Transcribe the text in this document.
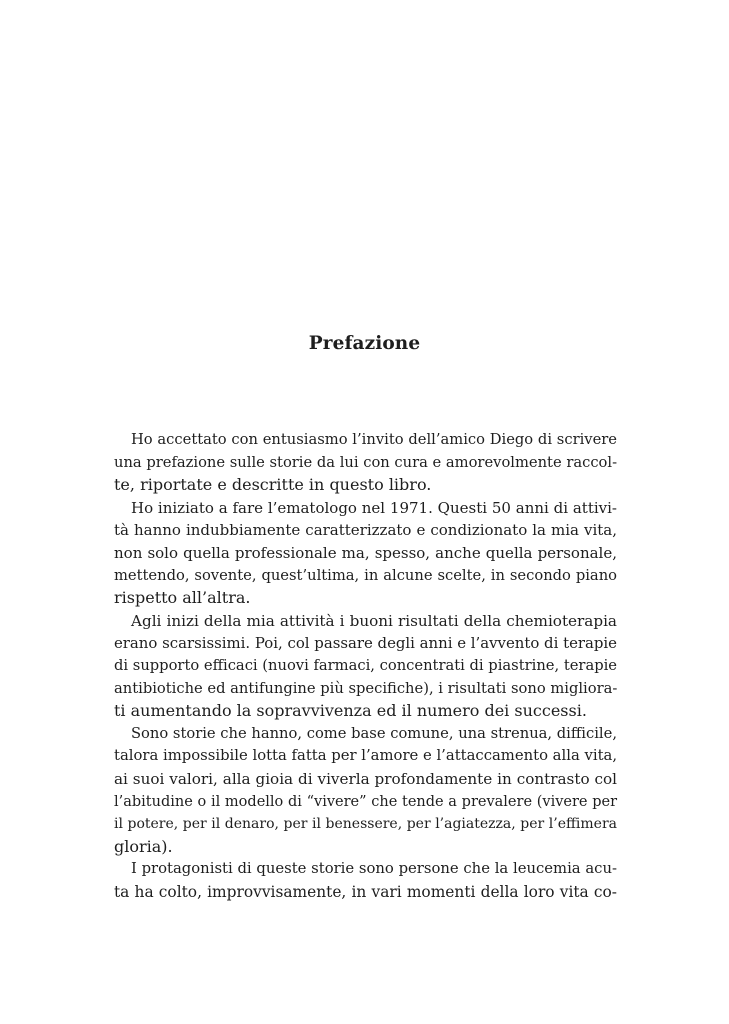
Prefazione
Ho accettato con entusiasmo l’invito dell’amico Diego di scrivere
una prefazione sulle storie da lui con cura e amorevolmente raccol-
te, riportate e descritte in questo libro.
Ho iniziato a fare l’ematologo nel 1971. Questi 50 anni di attivi-
tà hanno indubbiamente caratterizzato e condizionato la mia vita,
non solo quella professionale ma, spesso, anche quella personale,
mettendo, sovente, quest’ultima, in alcune scelte, in secondo piano
rispetto all’altra.
Agli inizi della mia attività i buoni risultati della chemioterapia
erano scarsissimi. Poi, col passare degli anni e l’avvento di terapie
di supporto efficaci (nuovi farmaci, concentrati di piastrine, terapie
antibiotiche ed antifungine più specifiche), i risultati sono migliora-
ti aumentando la sopravvivenza ed il numero dei successi.
Sono storie che hanno, come base comune, una strenua, difficile,
talora impossibile lotta fatta per l’amore e l’attaccamento alla vita,
ai suoi valori, alla gioia di viverla profondamente in contrasto col
l’abitudine o il modello di “vivere” che tende a prevalere (vivere per
il potere, per il denaro, per il benessere, per l’agiatezza, per l’effimera
gloria).
I protagonisti di queste storie sono persone che la leucemia acu-
ta ha colto, improvvisamente, in vari momenti della loro vita co-
